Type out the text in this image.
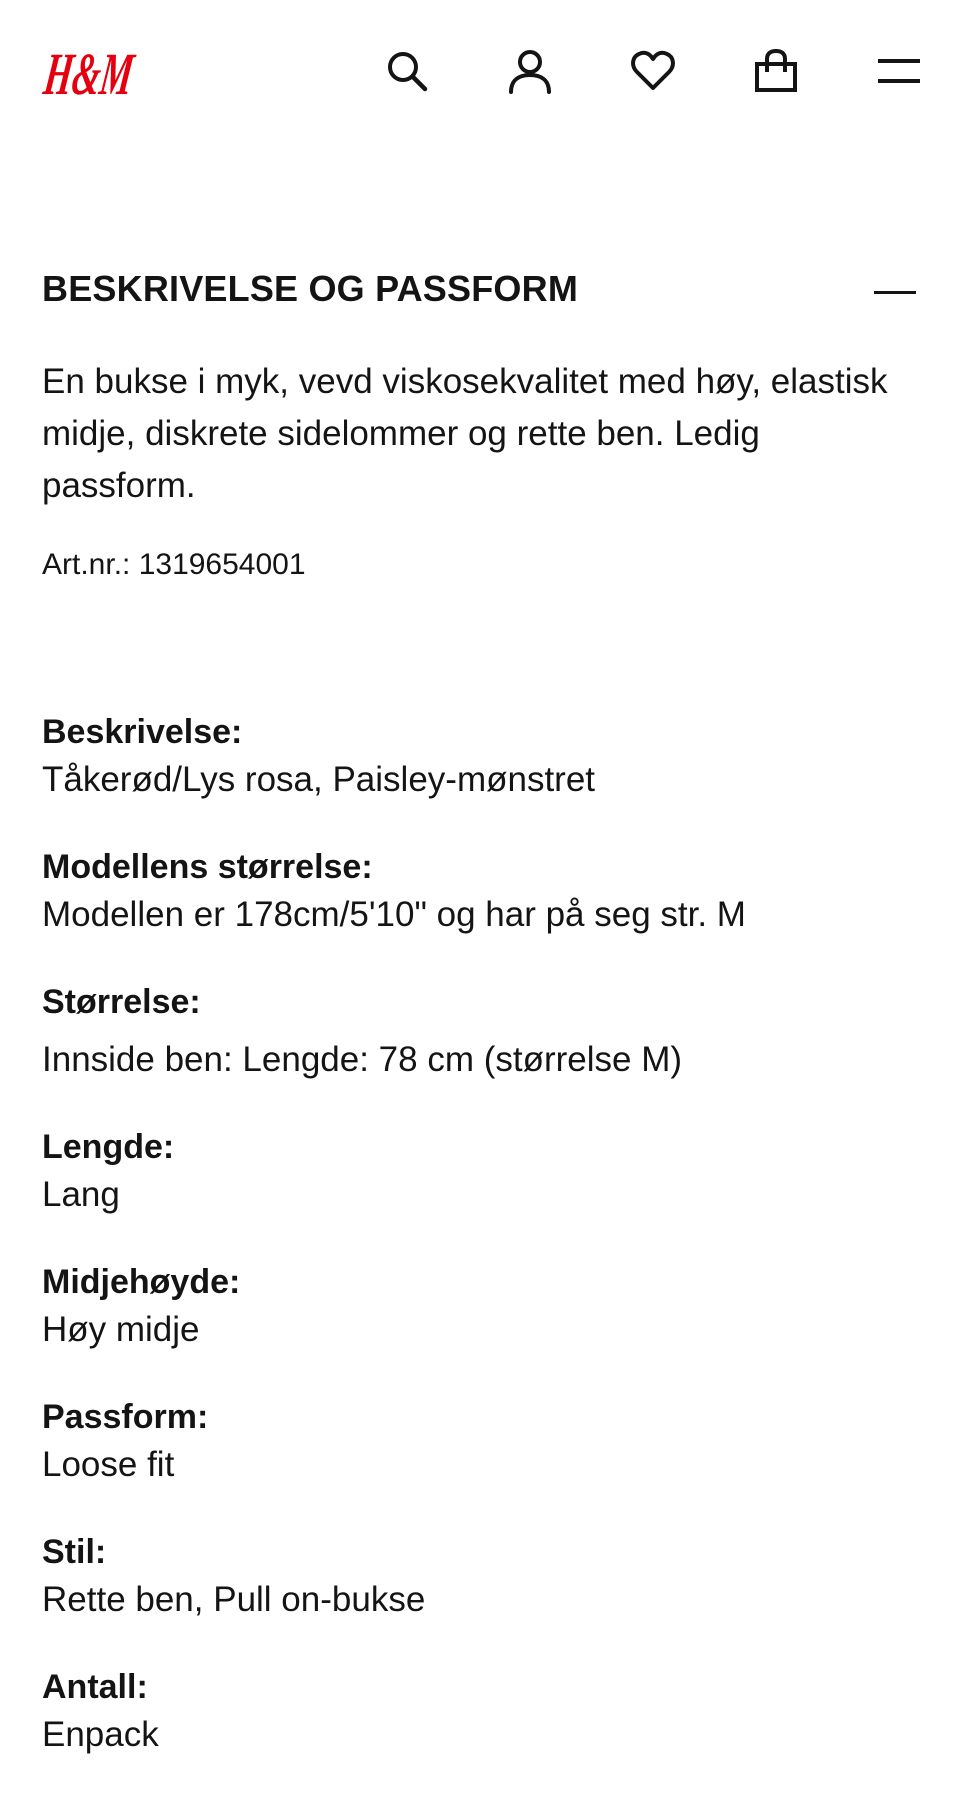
H&M
BESKRIVELSE OG PASSFORM
En bukse i myk, vevd viskosekvalitet med høy, elastisk midje, diskrete sidelommer og rette ben. Ledig passform.
Art.nr.: 1319654001
Beskrivelse:
Tåkerød/Lys rosa, Paisley-mønstret
Modellens størrelse:
Modellen er 178cm/5'10" og har på seg str. M
Størrelse:
Innside ben: Lengde: 78 cm (størrelse M)
Lengde:
Lang
Midjehøyde:
Høy midje
Passform:
Loose fit
Stil:
Rette ben, Pull on-bukse
Antall:
Enpack
